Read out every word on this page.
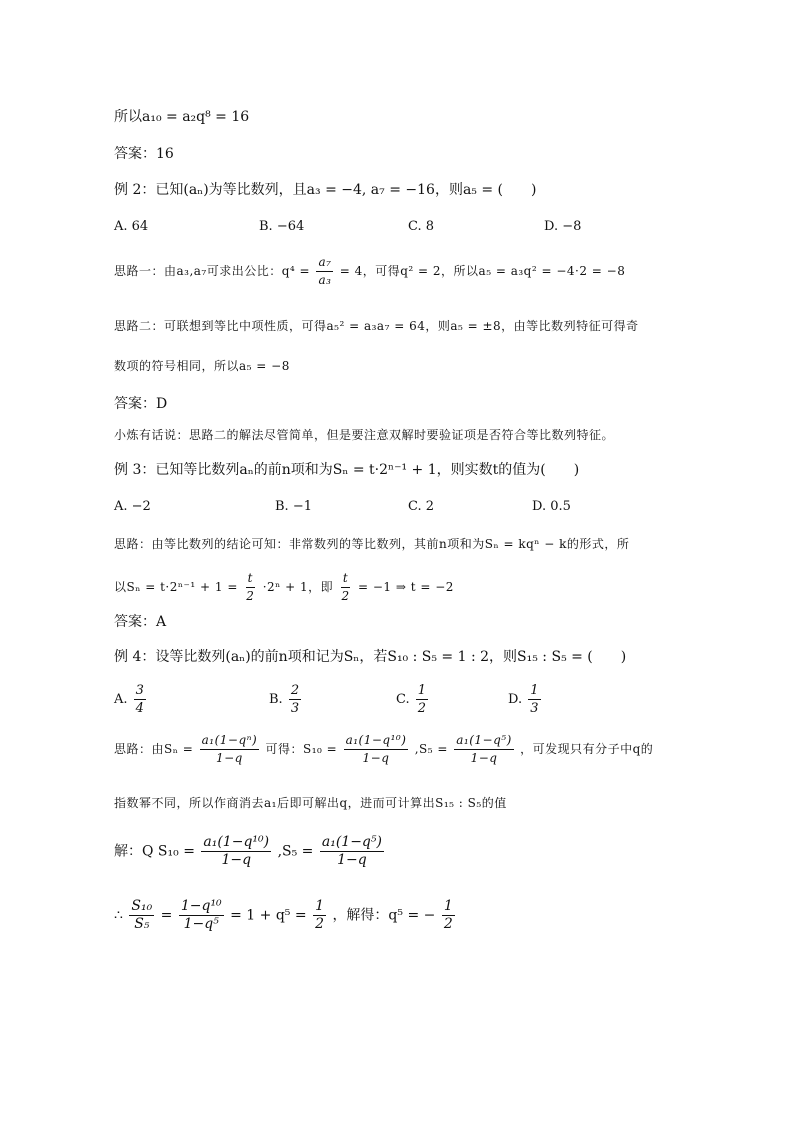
所以a₁₀ = a₂q⁸ = 16
答案：16
例 2：已知(aₙ)为等比数列，且a₃ = −4, a₇ = −16，则a₅ = (　　)
A. 64	B. −64	C. 8	D. −8
思路一：由a₃,a₇可求出公比：$q^4 = \frac{\text{a₇}}{\text{a₃}} = 4$，可得q² = 2，所以a₅ = a₃q² = −4·2 = −8
思路二：可联想到等比中项性质，可得a₅² = a₃a₇ = 64，则a₅ = ±8，由等比数列特征可得奇
数项的符号相同，所以a₅ = −8
答案：D
小炼有话说：思路二的解法尽管简单，但是要注意双解时要验证项是否符合等比数列特征。
例 3：已知等比数列aₙ的前n项和为Sₙ = t·2ⁿ⁻¹ + 1，则实数t的值为(　　)
A. −2	B. −1	C. 2	D. 0.5
思路：由等比数列的结论可知：非常数列的等比数列，其前n项和为Sₙ = kqⁿ − k的形式，所
以$S_n = t\cdot 2^{n-1} + 1 = \frac{t}{2} \cdot 2^n + 1$，即 $\frac{t}{2} = -1$ ⇒ t = −2
答案：A
例 4：设等比数列(aₙ)的前n项和记为Sₙ，若S₁₀ : S₅ = 1 : 2，则S₁₅ : S₅ = (　　)
A. $\frac{3}{4}$	B. $\frac{2}{3}$	C. $\frac{1}{2}$	D. $\frac{1}{3}$
思路：由$S_n = \frac{\text{a₁(1−qⁿ)}}{1-q}$ 可得：$S_{10} = \frac{\text{a₁(1−q¹⁰)}}{1-q} ,S_5 = \frac{\text{a₁(1−q⁵)}}{1-q}$ ，可发现只有分子中q的
指数幂不同，所以作商消去a₁后即可解出q，进而可计算出S₁₅ : S₅的值
解：Q $S_{10} = \frac{\text{a₁(1−q¹⁰)}}{1-q} ,S_5 = \frac{\text{a₁(1−q⁵)}}{1-q}$
∴ $\frac{\text{S₁₀}}{\text{S₅}} = \frac{\text{1−q¹⁰}}{\text{1−q⁵}} = 1 + q^5 = \frac{1}{2}$ ，解得：q⁵ = − $\frac{1}{2}$
